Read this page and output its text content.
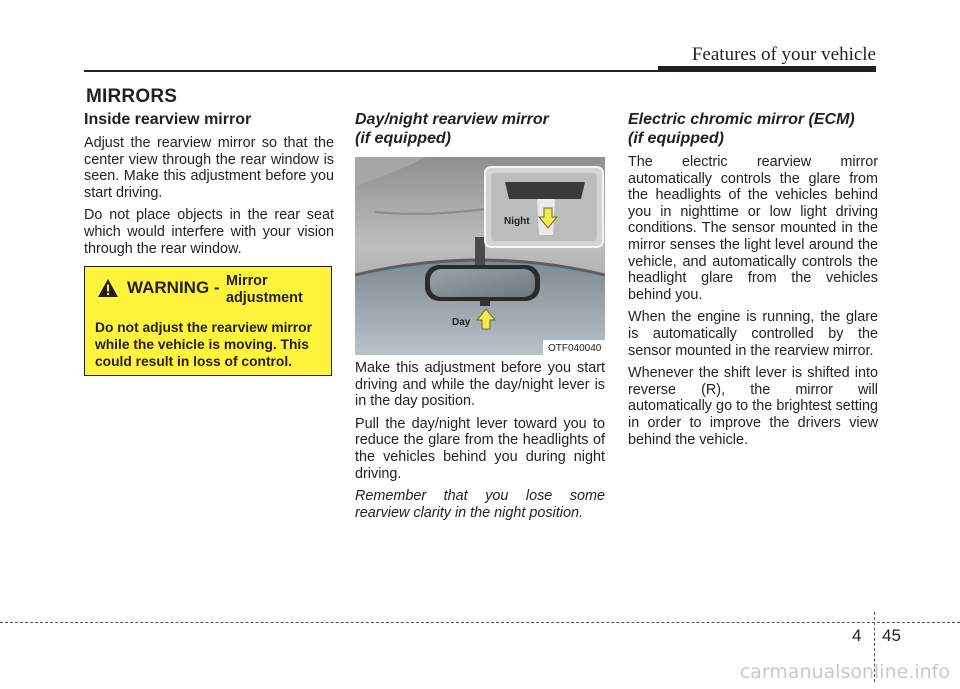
Features of your vehicle
MIRRORS
Inside rearview mirror

Adjust the rearview mirror so that the center view through the rear window is seen. Make this adjustment before you start driving.

Do not place objects in the rear seat which would interfere with your vision through the rear window.

WARNING - Mirror adjustment
Do not adjust the rearview mirror while the vehicle is moving. This could result in loss of control.
Day/night rearview mirror
(if equipped)

Make this adjustment before you start driving and while the day/night lever is in the day position.

Pull the day/night lever toward you to reduce the glare from the headlights of the vehicles behind you during night driving.

Remember that you lose some rearview clarity in the night position.

Day
Night
OTF040040
Electric chromic mirror (ECM)
(if equipped)

The electric rearview mirror automatically controls the glare from the headlights of the vehicles behind you in nighttime or low light driving conditions. The sensor mounted in the mirror senses the light level around the vehicle, and automatically controls the headlight glare from the vehicles behind you.

When the engine is running, the glare is automatically controlled by the sensor mounted in the rearview mirror.

Whenever the shift lever is shifted into reverse (R), the mirror will automatically go to the brightest setting in order to improve the drivers view behind the vehicle.

4 45
carmanualsonline.info
